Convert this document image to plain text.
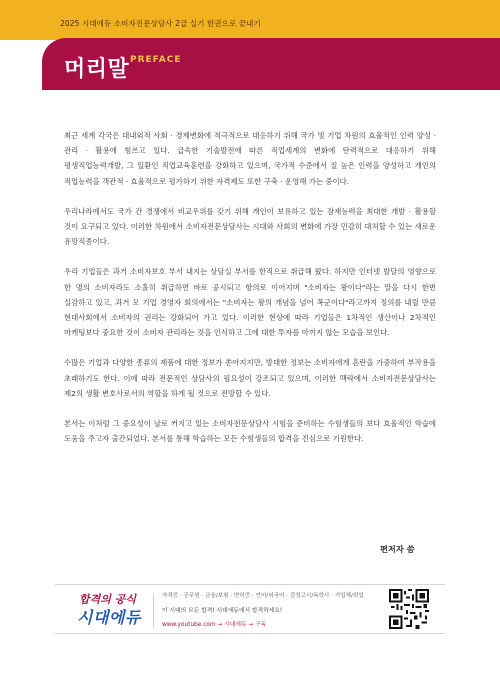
2025 시대에듀 소비자전문상담사 2급 실기 한권으로 끝내기
머리말 PREFACE

최근 세계 각국은 대내외적 사회 · 경제변화에 적극적으로 대응하기 위해 국가 및 기업 차원의 효율적인 인력 양성 · 관리 · 활용에 힘쓰고 있다. 급속한 기술발전에 따른 직업세계의 변화에 탄력적으로 대응하기 위해 평생직업능력개발, 그 일환인 직업교육훈련을 강화하고 있으며, 국가적 수준에서 질 높은 인력을 양성하고 개인의 직업능력을 객관적 · 효율적으로 평가하기 위한 자격제도 또한 구축 · 운영해 가는 중이다.

우리나라에서도 국가 간 경쟁에서 비교우위를 갖기 위해 개인이 보유하고 있는 잠재능력을 최대한 개발 · 활용할 것이 요구되고 있다. 이러한 차원에서 소비자전문상담사는 시대와 사회의 변화에 가장 민감히 대처할 수 있는 새로운 유망직종이다.

우리 기업들은 과거 소비자보호 부서 내지는 상담실 부서를 한직으로 취급해 왔다. 하지만 인터넷 발달의 영향으로 한 명의 소비자라도 소홀히 취급하면 바로 공시되고 항의로 이어지며 "소비자는 왕이다"라는 말을 다시 한번 실감하고 있고, 과거 모 기업 경영자 회의에서는 "소비자는 왕의 개념을 넘어 폭군이다"라고까지 정의를 내릴 만큼 현대사회에서 소비자의 권리는 강화되어 가고 있다. 이러한 현상에 따라 기업들은 1차적인 생산이나 2차적인 마케팅보다 중요한 것이 소비자 관리라는 것을 인식하고 그에 대한 투자를 아끼지 않는 모습을 보인다.

수많은 기업과 다양한 종류의 제품에 대한 정보가 쏟아지지만, 방대한 정보는 소비자에게 혼란을 가중하여 부작용을 초래하기도 한다. 이에 따라 전문적인 상담사의 필요성이 강조되고 있으며, 이러한 맥락에서 소비자전문상담사는 제2의 생활 변호사로서의 역할을 하게 될 것으로 전망할 수 있다.

본서는 이처럼 그 중요성이 날로 커지고 있는 소비자전문상담사 시험을 준비하는 수험생들의 보다 효율적인 학습에 도움을 주고자 출간되었다. 본서를 통해 학습하는 모든 수험생들의 합격을 진심으로 기원한다.

편저자 씀
합격의 공식
시대에듀
자격증 · 공무원 · 금융/보험 · 면허증 · 언어/외국어 · 검정고시/독학사 · 기업체/취업
이 시대의 모든 합격! 시대에듀에서 합격하세요!
www.youtube.com → 시대에듀 → 구독
